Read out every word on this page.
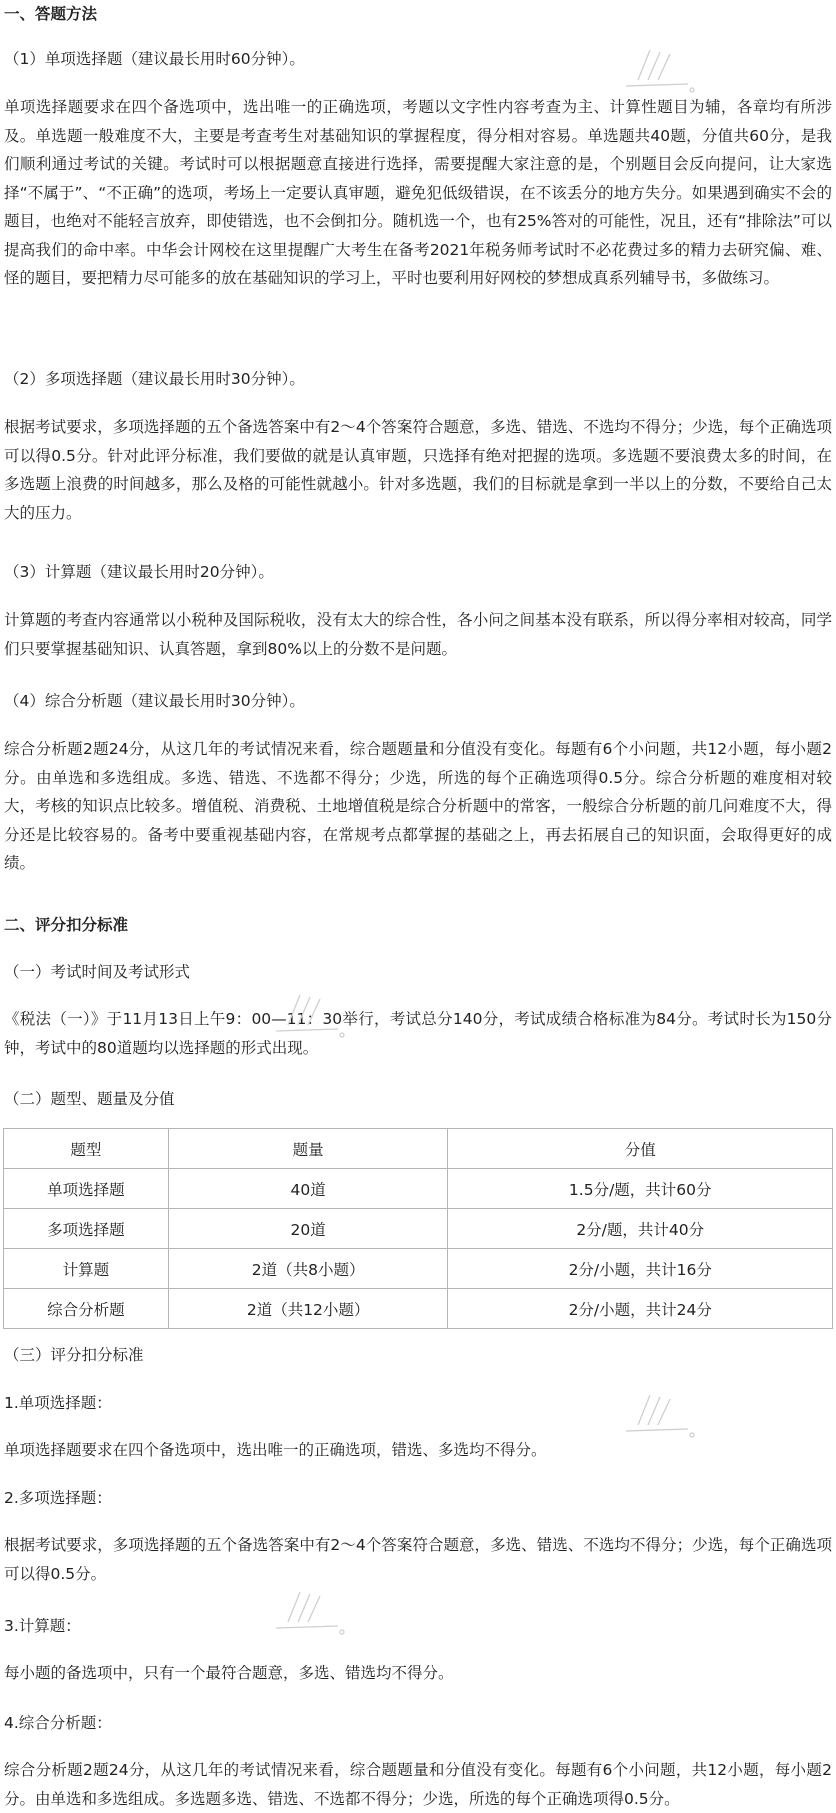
一、答题方法
（1）单项选择题（建议最长用时60分钟）。
单项选择题要求在四个备选项中，选出唯一的正确选项，考题以文字性内容考查为主、计算性题目为辅，各章均有所涉及。单选题一般难度不大，主要是考查考生对基础知识的掌握程度，得分相对容易。单选题共40题，分值共60分，是我们顺利通过考试的关键。考试时可以根据题意直接进行选择，需要提醒大家注意的是，个别题目会反向提问，让大家选择“不属于”、“不正确”的选项，考场上一定要认真审题，避免犯低级错误，在不该丢分的地方失分。如果遇到确实不会的题目，也绝对不能轻言放弃，即使错选，也不会倒扣分。随机选一个，也有25%答对的可能性，况且，还有“排除法”可以提高我们的命中率。中华会计网校在这里提醒广大考生在备考2021年税务师考试时不必花费过多的精力去研究偏、难、怪的题目，要把精力尽可能多的放在基础知识的学习上，平时也要利用好网校的梦想成真系列辅导书，多做练习。
（2）多项选择题（建议最长用时30分钟）。
根据考试要求，多项选择题的五个备选答案中有2～4个答案符合题意，多选、错选、不选均不得分；少选，每个正确选项可以得0.5分。针对此评分标准，我们要做的就是认真审题，只选择有绝对把握的选项。多选题不要浪费太多的时间，在多选题上浪费的时间越多，那么及格的可能性就越小。针对多选题，我们的目标就是拿到一半以上的分数，不要给自己太大的压力。
（3）计算题（建议最长用时20分钟）。
计算题的考查内容通常以小税种及国际税收，没有太大的综合性，各小问之间基本没有联系，所以得分率相对较高，同学们只要掌握基础知识、认真答题，拿到80%以上的分数不是问题。
（4）综合分析题（建议最长用时30分钟）。
综合分析题2题24分，从这几年的考试情况来看，综合题题量和分值没有变化。每题有6个小问题，共12小题，每小题2分。由单选和多选组成。多选、错选、不选都不得分；少选，所选的每个正确选项得0.5分。综合分析题的难度相对较大，考核的知识点比较多。增值税、消费税、土地增值税是综合分析题中的常客，一般综合分析题的前几问难度不大，得分还是比较容易的。备考中要重视基础内容，在常规考点都掌握的基础之上，再去拓展自己的知识面，会取得更好的成绩。
二、评分扣分标准
（一）考试时间及考试形式
《税法（一）》于11月13日上午9：00—11：30举行，考试总分140分，考试成绩合格标准为84分。考试时长为150分钟，考试中的80道题均以选择题的形式出现。
（二）题型、题量及分值
题型	题量	分值
单项选择题	40道	1.5分/题，共计60分
多项选择题	20道	2分/题，共计40分
计算题	2道（共8小题）	2分/小题，共计16分
综合分析题	2道（共12小题）	2分/小题，共计24分
（三）评分扣分标准
1.单项选择题：
单项选择题要求在四个备选项中，选出唯一的正确选项，错选、多选均不得分。
2.多项选择题：
根据考试要求，多项选择题的五个备选答案中有2～4个答案符合题意，多选、错选、不选均不得分；少选，每个正确选项可以得0.5分。
3.计算题：
每小题的备选项中，只有一个最符合题意，多选、错选均不得分。
4.综合分析题：
综合分析题2题24分，从这几年的考试情况来看，综合题题量和分值没有变化。每题有6个小问题，共12小题，每小题2分。由单选和多选组成。多选题多选、错选、不选都不得分；少选，所选的每个正确选项得0.5分。
